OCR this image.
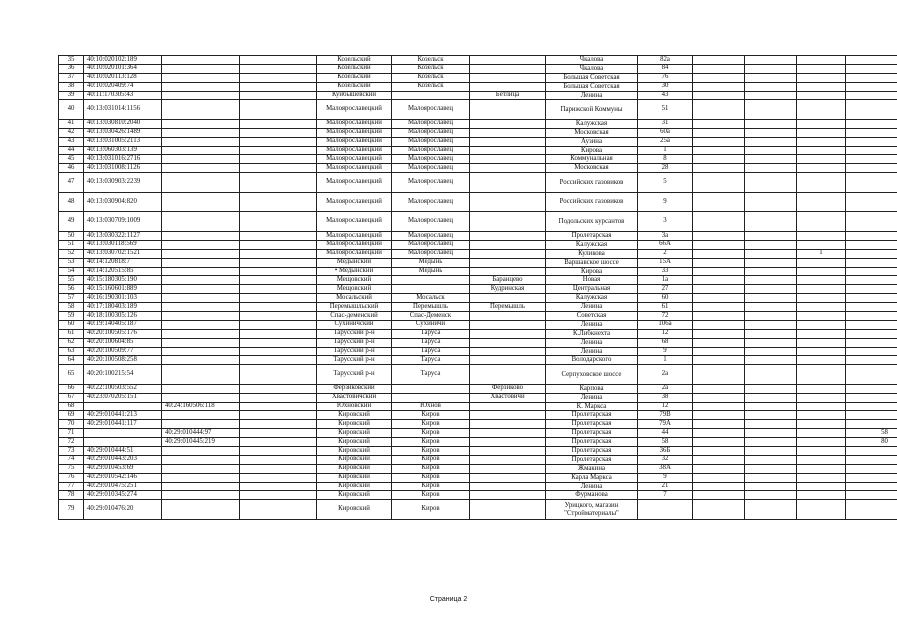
35	40:10:020102:189			Козельский	Козельск		Чкалова	82а				
36	40:10:020101:364			Козельский	Козельск		Чкалова	84				
37	40:10:020113:128			Козельский	Козельск		Большая Советская	76				
38	40:10:020409:74			Козельский	Козельск		Большая Советская	30				
39	40:11:170305:43			Куйбышевский		Бетлица	Ленина	43				
40	40:13:031014:1156			Малоярославецкий	Малоярославец		Парижской Коммуны	51				
41	40:13:030810:2040			Малоярославецкий	Малоярославец		Калужская	31				
42	40:13:030426:1489			Малоярославецкий	Малоярославец		Московская	60а				
43	40:13:031005:2113			Малоярославецкий	Малоярославец		Аузина	25а				
44	40:13:060303:139			Малоярославецкий	Малоярославец		Кирова	1				
45	40:13:031016:2716			Малоярославецкий	Малоярославец		Коммунальная	8				
46	40:13:031008:1126			Малоярославецкий	Малоярославец		Московская	28				
47	40:13:030903:2239			Малоярославецкий	Малоярославец		Российских газовиков	5				
48	40:13:030904:820			Малоярославецкий	Малоярославец		Российских газовиков	9				
49	40:13:030709:1009			Малоярославецкий	Малоярославец		Подольских курсантов	3				
50	40:13:030322:1127			Малоярославецкий	Малоярославец		Пролетарская	3а				
51	40:13:030118:569			Малоярославецкий	Малоярославец		Калужская	66А				
52	40:13:030702:1521			Малоярославецкий	Малоярославец		Куликова	2			1	
53	40:14:120818:7			Медынский	Медынь		Варшавское шоссе	15А				
54	40:14:120515:85			• Медынский	Медынь		Кирова	33				
55	40:15:180305:190			Мещовский		Баранцево	Новая	1а				
56	40:15:160601:889			Мещовский		Кудринская	Центральная	27				
57	40:16:190301:103			Мосальский	Мосальск		Калужская	60				
58	40:17:180403:189			Перемышльский	Перемышль	Перемышль	Ленина	61				
59	40:18:100305:126			Спас-деменский	Спас-Деменск		Советская	72				
60	40:19:140405:187			Сухиничский	Сухиничи		Ленина	106а				
61	40:20:100505:176			Тарусский р-н	Таруса		К.Либкнехта	12				
62	40:20:100604:85			Тарусский р-н	Таруса		Ленина	68				
63	40:20:100509:77			Тарусский р-н	Таруса		Ленина	9				
64	40:20:100508:258			Тарусский р-н	Таруса		Володарского	1				
65	40:20:100215:54			Тарусский р-н	Таруса		Серпуховское шоссе	2а				
66	40:22:100503:552			Ферзиковский		Ферзиково	Карпова	2а				
67	40:23:070205:151			Хвастовичский		Хвастовичи	Ленина	38				
68		40:24:160506:118		Юхновский	Юхнов		К. Маркса	12				
69	40:29:010441:213			Кировский	Киров		Пролетарская	79В				
70	40:29:010441:117			Кировский	Киров		Пролетарская	79А				
71		40:29:010444:97		Кировский	Киров		Пролетарская	44				58
72		40:29:010445:219		Кировский	Киров		Пролетарская	58				80
73	40:29:010444:51			Кировский	Киров		Пролетарская	36Б				
74	40:29:010443:203			Кировский	Киров		Пролетарская	32				
75	40:29:010453:69			Кировский	Киров		Жмакина	38А				
76	40:29:010542:146			Кировский	Киров		Карла Маркса	9				
77	40:29:010475:251			Кировский	Киров		Ленина	21				
78	40:29:010345:274			Кировский	Киров		Фурманова	7				
79	40:29:010476:20			Кировский	Киров		Урицкого, магазин "Стройматериалы"					
Страница 2
